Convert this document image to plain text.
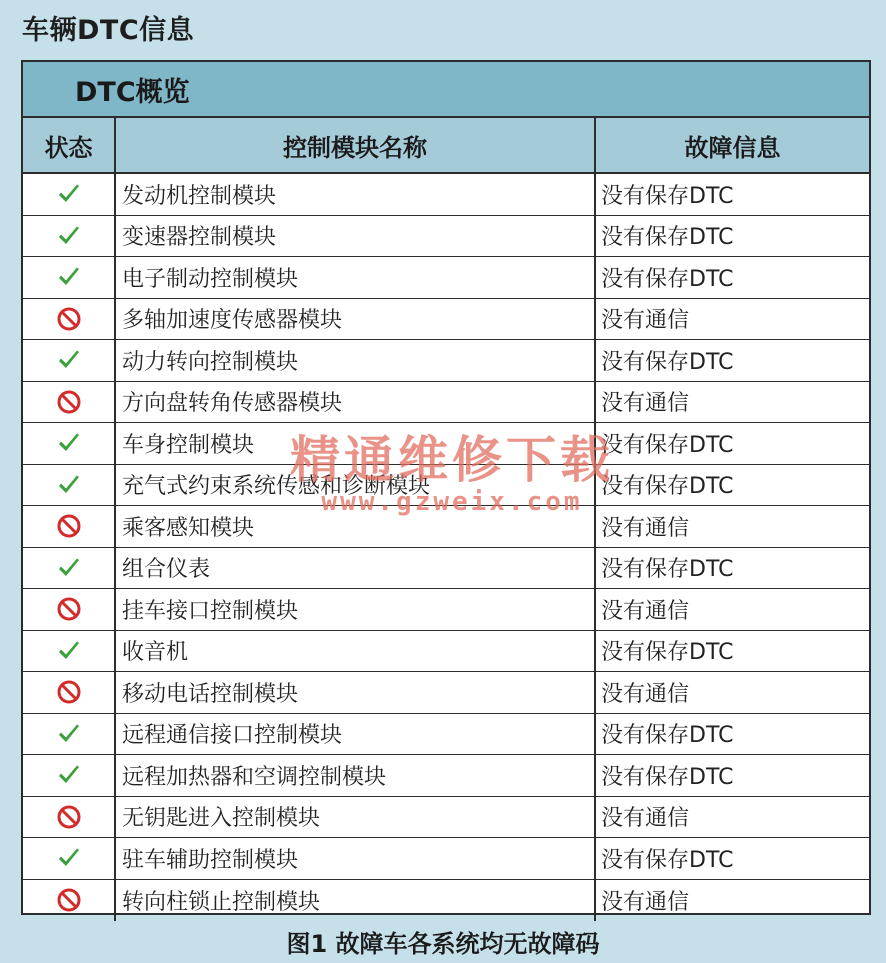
车辆DTC信息
DTC概览
状态	控制模块名称	故障信息
发动机控制模块	没有保存DTC
变速器控制模块	没有保存DTC
电子制动控制模块	没有保存DTC
多轴加速度传感器模块	没有通信
动力转向控制模块	没有保存DTC
方向盘转角传感器模块	没有通信
车身控制模块	没有保存DTC
充气式约束系统传感和诊断模块	没有保存DTC
乘客感知模块	没有通信
组合仪表	没有保存DTC
挂车接口控制模块	没有通信
收音机	没有保存DTC
移动电话控制模块	没有通信
远程通信接口控制模块	没有保存DTC
远程加热器和空调控制模块	没有保存DTC
无钥匙进入控制模块	没有通信
驻车辅助控制模块	没有保存DTC
转向柱锁止控制模块	没有通信
精通维修下载
www.gzweix.com
图1 故障车各系统均无故障码
